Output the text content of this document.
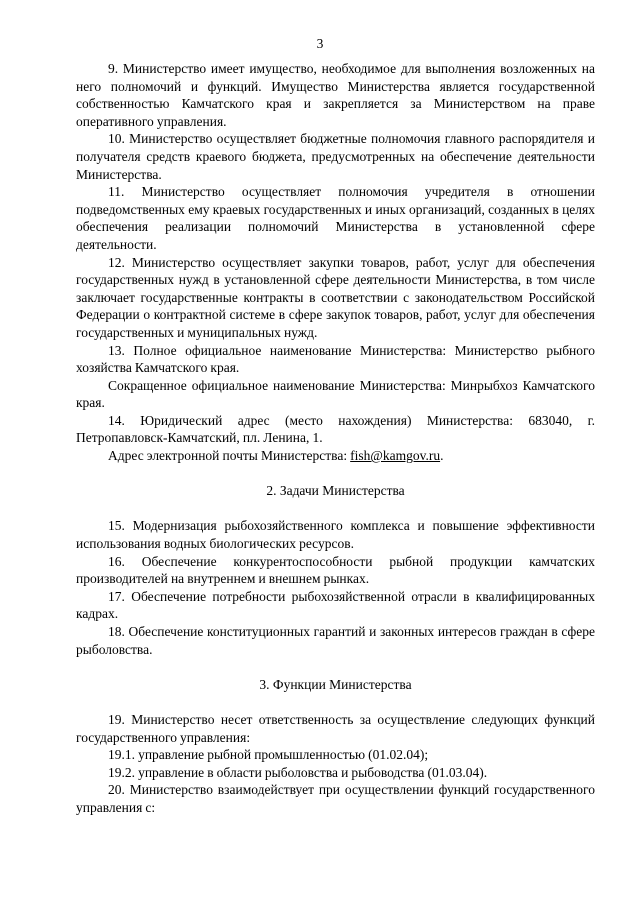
3

9. Министерство имеет имущество, необходимое для выполнения возложенных на него полномочий и функций. Имущество Министерства является государственной собственностью Камчатского края и закрепляется за Министерством на праве оперативного управления.

10. Министерство осуществляет бюджетные полномочия главного распорядителя и получателя средств краевого бюджета, предусмотренных на обеспечение деятельности Министерства.

11. Министерство осуществляет полномочия учредителя в отношении подведомственных ему краевых государственных и иных организаций, созданных в целях обеспечения реализации полномочий Министерства в установленной сфере деятельности.

12. Министерство осуществляет закупки товаров, работ, услуг для обеспечения государственных нужд в установленной сфере деятельности Министерства, в том числе заключает государственные контракты в соответствии с законодательством Российской Федерации о контрактной системе в сфере закупок товаров, работ, услуг для обеспечения государственных и муниципальных нужд.

13. Полное официальное наименование Министерства: Министерство рыбного хозяйства Камчатского края.

Сокращенное официальное наименование Министерства: Минрыбхоз Камчатского края.

14. Юридический адрес (место нахождения) Министерства: 683040, г. Петропавловск-Камчатский, пл. Ленина, 1.

Адрес электронной почты Министерства: fish@kamgov.ru.

2. Задачи Министерства

15. Модернизация рыбохозяйственного комплекса и повышение эффективности использования водных биологических ресурсов.

16. Обеспечение конкурентоспособности рыбной продукции камчатских производителей на внутреннем и внешнем рынках.

17. Обеспечение потребности рыбохозяйственной отрасли в квалифицированных кадрах.

18. Обеспечение конституционных гарантий и законных интересов граждан в сфере рыболовства.

3. Функции Министерства

19. Министерство несет ответственность за осуществление следующих функций государственного управления:

19.1. управление рыбной промышленностью (01.02.04);

19.2. управление в области рыболовства и рыбоводства (01.03.04).

20. Министерство взаимодействует при осуществлении функций государственного управления с:
